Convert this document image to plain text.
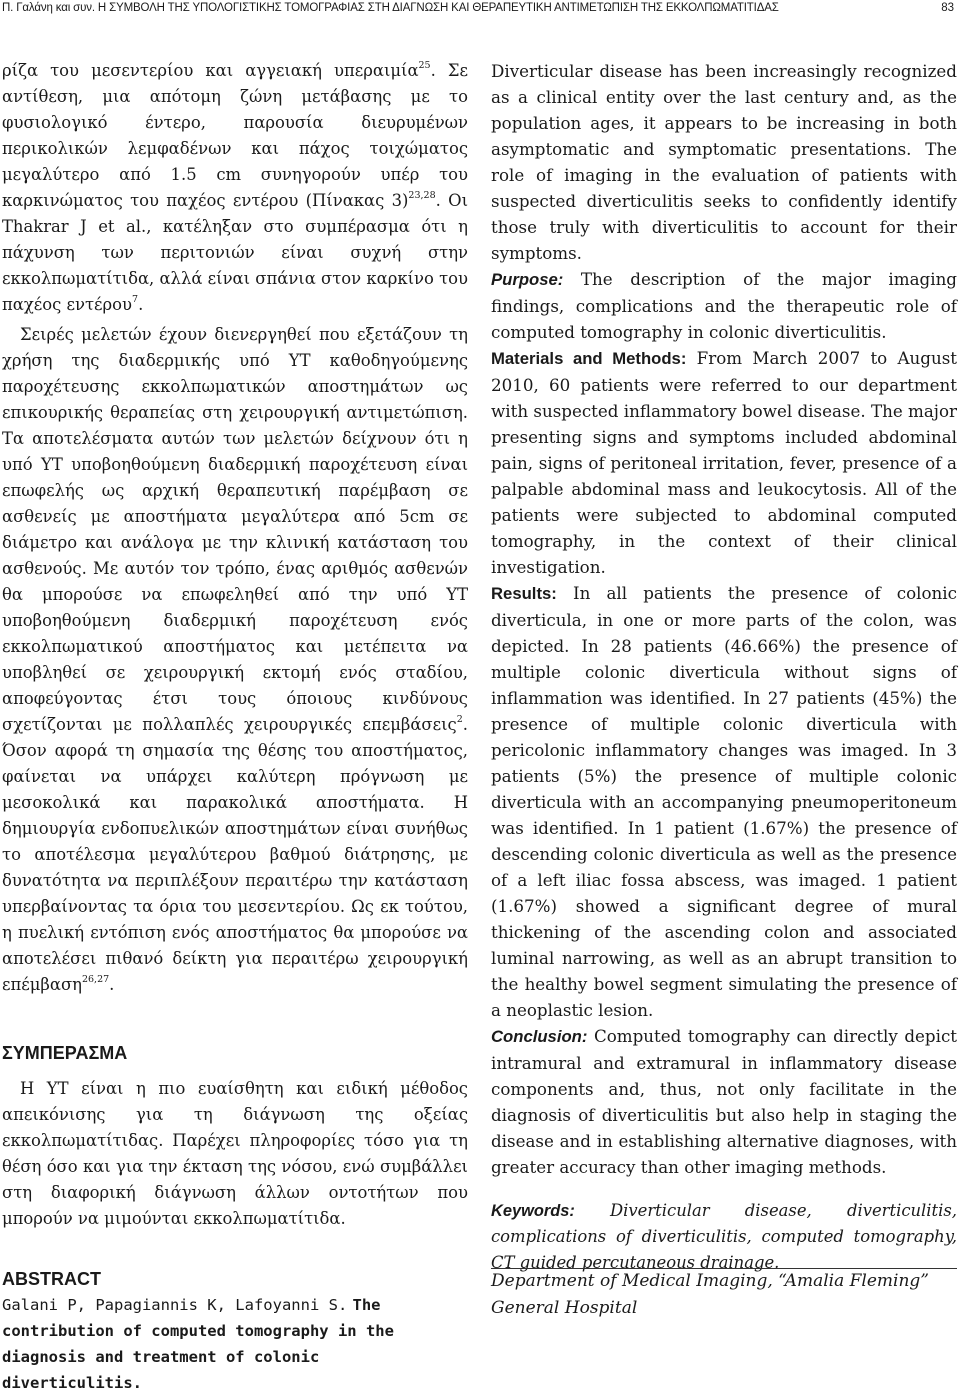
Π. Γαλάνη και συν. Η ΣΥΜΒΟΛΗ ΤΗΣ ΥΠΟΛΟΓΙΣΤΙΚΗΣ ΤΟΜΟΓΡΑΦΙΑΣ ΣΤΗ ΔΙΑΓΝΩΣΗ ΚΑΙ ΘΕΡΑΠΕΥΤΙΚΗ ΑΝΤΙΜΕΤΩΠΙΣΗ ΤΗΣ ΕΚΚΟΛΠΩΜΑΤΙΤΙΔΑΣ	83

ρίζα του μεσεντερίου και αγγειακή υπεραιμία$^{25}$. Σε αντίθεση, μια απότομη ζώνη μετάβασης με το φυσιολογικό έντερο, παρουσία διευρυμένων περικολικών λεμφαδένων και πάχος τοιχώματος μεγαλύτερο από 1.5 cm συνηγορούν υπέρ του καρκινώματος του παχέος εντέρου (Πίνακας 3)$^{23,28}$. Οι Thakrar J et al., κατέληξαν στο συμπέρασμα ότι η πάχυνση των περιτονιών είναι συχνή στην εκκολπωματίτιδα, αλλά είναι σπάνια στον καρκίνο του παχέος εντέρου$^7$.

Σειρές μελετών έχουν διενεργηθεί που εξετάζουν τη χρήση της διαδερμικής υπό ΥΤ καθοδηγούμενης παροχέτευσης εκκολπωματικών αποστημάτων ως επικουρικής θεραπείας στη χειρουργική αντιμετώπιση. Τα αποτελέσματα αυτών των μελετών δείχνουν ότι η υπό ΥΤ υποβοηθούμενη διαδερμική παροχέτευση είναι επωφελής ως αρχική θεραπευτική παρέμβαση σε ασθενείς με αποστήματα μεγαλύτερα από 5cm σε διάμετρο και ανάλογα με την κλινική κατάσταση του ασθενούς. Με αυτόν τον τρόπο, ένας αριθμός ασθενών θα μπορούσε να επωφεληθεί από την υπό ΥΤ υποβοηθούμενη διαδερμική παροχέτευση ενός εκκολπωματικού αποστήματος και μετέπειτα να υποβληθεί σε χειρουργική εκτομή ενός σταδίου, αποφεύγοντας έτσι τους όποιους κινδύνους σχετίζονται με πολλαπλές χειρουργικές επεμβάσεις$^2$. Όσον αφορά τη σημασία της θέσης του αποστήματος, φαίνεται να υπάρχει καλύτερη πρόγνωση με μεσοκολικά και παρακολικά αποστήματα. Η δημιουργία ενδοπυελικών αποστημάτων είναι συνήθως το αποτέλεσμα μεγαλύτερου βαθμού διάτρησης, με δυνατότητα να περιπλέξουν περαιτέρω την κατάσταση υπερβαίνοντας τα όρια του μεσεντερίου. Ως εκ τούτου, η πυελική εντόπιση ενός αποστήματος θα μπορούσε να αποτελέσει πιθανό δείκτη για περαιτέρω χειρουργική επέμβαση$^{26,27}$.

ΣΥΜΠΕΡΑΣΜΑ

Η ΥΤ είναι η πιο ευαίσθητη και ειδική μέθοδος απεικόνισης για τη διάγνωση της οξείας εκκολπωματίτιδας. Παρέχει πληροφορίες τόσο για τη θέση όσο και για την έκταση της νόσου, ενώ συμβάλλει στη διαφορική διάγνωση άλλων οντοτήτων που μπορούν να μιμούνται εκκολπωματίτιδα.

ABSTRACT

Galani P, Papagiannis K, Lafoyanni S. The contribution of computed tomography in the diagnosis and treatment of colonic diverticulitis.

Diverticular disease has been increasingly recognized as a clinical entity over the last century and, as the population ages, it appears to be increasing in both asymptomatic and symptomatic presentations. The role of imaging in the evaluation of patients with suspected diverticulitis seeks to confidently identify those truly with diverticulitis to account for their symptoms.

Purpose: The description of the major imaging findings, complications and the therapeutic role of computed tomography in colonic diverticulitis.

Materials and Methods: From March 2007 to August 2010, 60 patients were referred to our department with suspected inflammatory bowel disease. The major presenting signs and symptoms included abdominal pain, signs of peritoneal irritation, fever, presence of a palpable abdominal mass and leukocytosis. All of the patients were subjected to abdominal computed tomography, in the context of their clinical investigation.

Results: In all patients the presence of colonic diverticula, in one or more parts of the colon, was depicted. In 28 patients (46.66%) the presence of multiple colonic diverticula without signs of inflammation was identified. In 27 patients (45%) the presence of multiple colonic diverticula with pericolonic inflammatory changes was imaged. In 3 patients (5%) the presence of multiple colonic diverticula with an accompanying pneumoperitoneum was identified. In 1 patient (1.67%) the presence of descending colonic diverticula as well as the presence of a left iliac fossa abscess, was imaged. 1 patient (1.67%) showed a significant degree of mural thickening of the ascending colon and associated luminal narrowing, as well as an abrupt transition to the healthy bowel segment simulating the presence of a neoplastic lesion.

Conclusion: Computed tomography can directly depict intramural and extramural in inflammatory disease components and, thus, not only facilitate in the diagnosis of diverticulitis but also help in staging the disease and in establishing alternative diagnoses, with greater accuracy than other imaging methods.

Keywords: Diverticular disease, diverticulitis, complications of diverticulitis, computed tomography, CT guided percutaneous drainage.

Department of Medical Imaging, “Amalia Fleming” General Hospital
